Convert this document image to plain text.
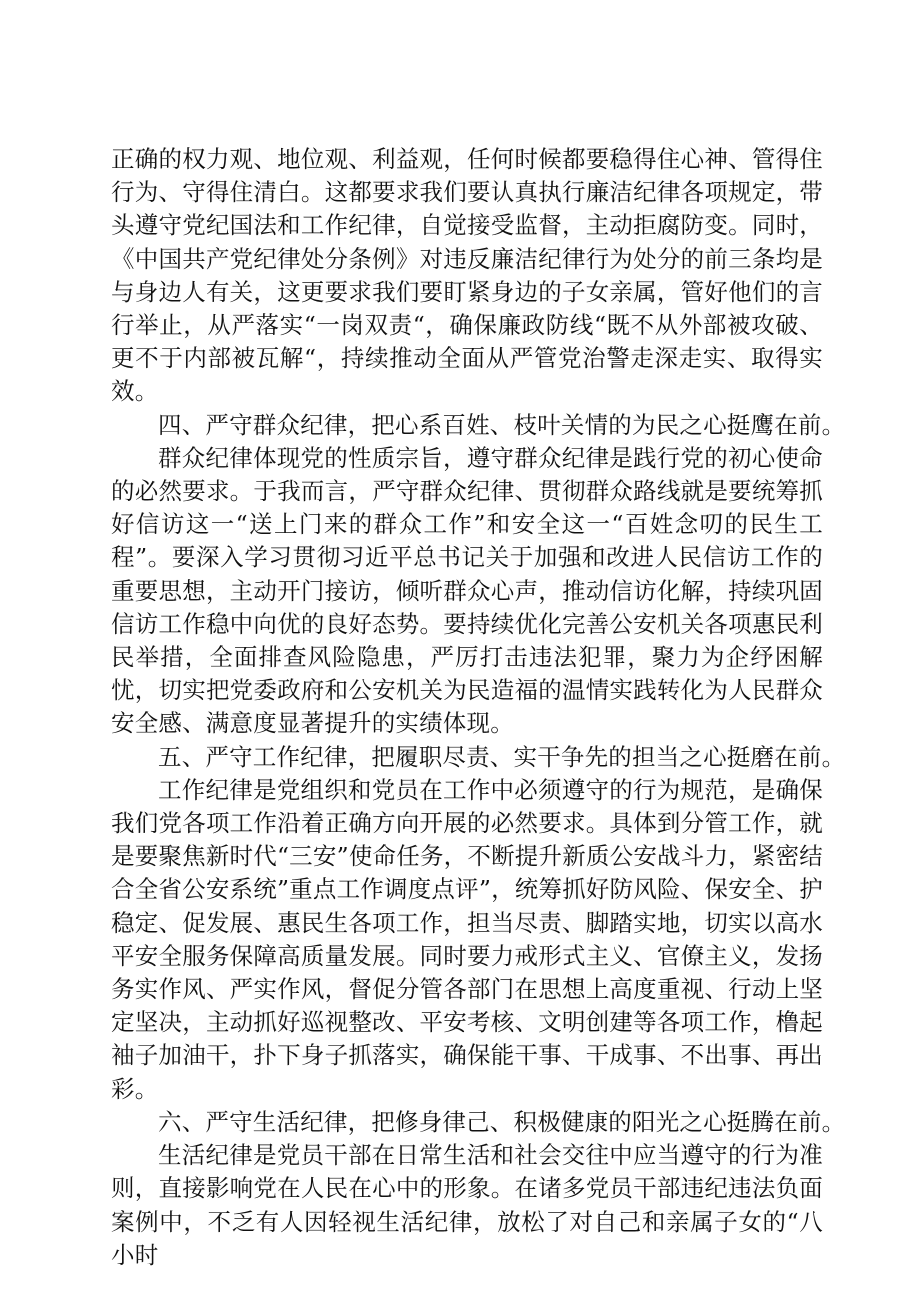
正确的权力观、地位观、利益观，任何时候都要稳得住心神、管得住行为、守得住清白。这都要求我们要认真执行廉洁纪律各项规定，带头遵守党纪国法和工作纪律，自觉接受监督，主动拒腐防变。同时，《中国共产党纪律处分条例》对违反廉洁纪律行为处分的前三条均是与身边人有关，这更要求我们要盯紧身边的子女亲属，管好他们的言行举止，从严落实“一岗双责“，确保廉政防线“既不从外部被攻破、更不于内部被瓦解“，持续推动全面从严管党治警走深走实、取得实效。

四、严守群众纪律，把心系百姓、枝叶关情的为民之心挺鹰在前。

群众纪律体现党的性质宗旨，遵守群众纪律是践行党的初心使命的必然要求。于我而言，严守群众纪律、贯彻群众路线就是要统筹抓好信访这一“送上门来的群众工作”和安全这一“百姓念叨的民生工程”。要深入学习贯彻习近平总书记关于加强和改进人民信访工作的重要思想，主动开门接访，倾听群众心声，推动信访化解，持续巩固信访工作稳中向优的良好态势。要持续优化完善公安机关各项惠民利民举措，全面排查风险隐患，严厉打击违法犯罪，聚力为企纾困解忧，切实把党委政府和公安机关为民造福的温情实践转化为人民群众安全感、满意度显著提升的实绩体现。

五、严守工作纪律，把履职尽责、实干争先的担当之心挺磨在前。

工作纪律是党组织和党员在工作中必须遵守的行为规范，是确保我们党各项工作沿着正确方向开展的必然要求。具体到分管工作，就是要聚焦新时代“三安”使命任务，不断提升新质公安战斗力，紧密结合全省公安系统”重点工作调度点评”，统筹抓好防风险、保安全、护稳定、促发展、惠民生各项工作，担当尽责、脚踏实地，切实以高水平安全服务保障高质量发展。同时要力戒形式主义、官僚主义，发扬务实作风、严实作风，督促分管各部门在思想上高度重视、行动上坚定坚决，主动抓好巡视整改、平安考核、文明创建等各项工作，橹起袖子加油干，扑下身子抓落实，确保能干事、干成事、不出事、再出彩。

六、严守生活纪律，把修身律己、积极健康的阳光之心挺腾在前。

生活纪律是党员干部在日常生活和社会交往中应当遵守的行为准则，直接影响党在人民在心中的形象。在诸多党员干部违纪违法负面案例中，不乏有人因轻视生活纪律，放松了对自己和亲属子女的“八小时
